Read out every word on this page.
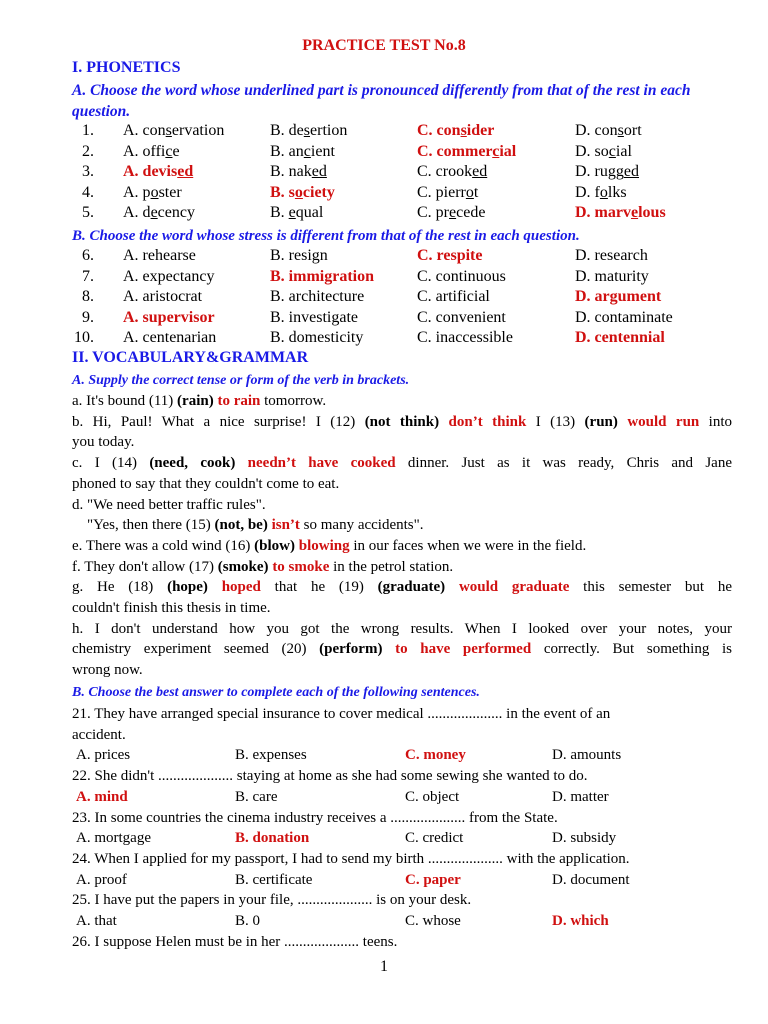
PRACTICE TEST No.8
I. PHONETICS
A. Choose the word whose underlined part is pronounced differently from that of the rest in each question.
1. A. conservation	B. desertion	C. consider	D. consort
2. A. office	B. ancient	C. commercial	D. social
3. A. devised	B. naked	C. crooked	D. rugged
4. A. poster	B. society	C. pierrot	D. folks
5. A. decency	B. equal	C. precede	D. marvelous
B. Choose the word whose stress is different from that of the rest in each question.
6. A. rehearse	B. resign	C. respite	D. research
7. A. expectancy	B. immigration	C. continuous	D. maturity
8. A. aristocrat	B. architecture	C. artificial	D. argument
9. A. supervisor	B. investigate	C. convenient	D. contaminate
10. A. centenarian	B. domesticity	C. inaccessible	D. centennial
II. VOCABULARY&GRAMMAR
A. Supply the correct tense or form of the verb in brackets.
a. It's bound (11) (rain) to rain tomorrow.
b. Hi, Paul! What a nice surprise! I (12) (not think) don’t think I (13) (run) would run into
you today.
c. I (14) (need, cook) needn’t have cooked dinner. Just as it was ready, Chris and Jane
phoned to say that they couldn't come to eat.
d. "We need better traffic rules".
"Yes, then there (15) (not, be) isn’t so many accidents".
e. There was a cold wind (16) (blow) blowing in our faces when we were in the field.
f. They don't allow (17) (smoke) to smoke in the petrol station.
g. He (18) (hope) hoped that he (19) (graduate) would graduate this semester but he
couldn't finish this thesis in time.
h. I don't understand how you got the wrong results. When I looked over your notes, your
chemistry experiment seemed (20) (perform) to have performed correctly. But something is
wrong now.
B. Choose the best answer to complete each of the following sentences.
21. They have arranged special insurance to cover medical .................... in the event of an
accident.
A. prices	B. expenses	C. money	D. amounts
22. She didn't .................... staying at home as she had some sewing she wanted to do.
A. mind	B. care	C. object	D. matter
23. In some countries the cinema industry receives a .................... from the State.
A. mortgage	B. donation	C. credict	D. subsidy
24. When I applied for my passport, I had to send my birth .................... with the application.
A. proof	B. certificate	C. paper	D. document
25. I have put the papers in your file, .................... is on your desk.
A. that	B. 0	C. whose	D. which
26. I suppose Helen must be in her .................... teens.
1
